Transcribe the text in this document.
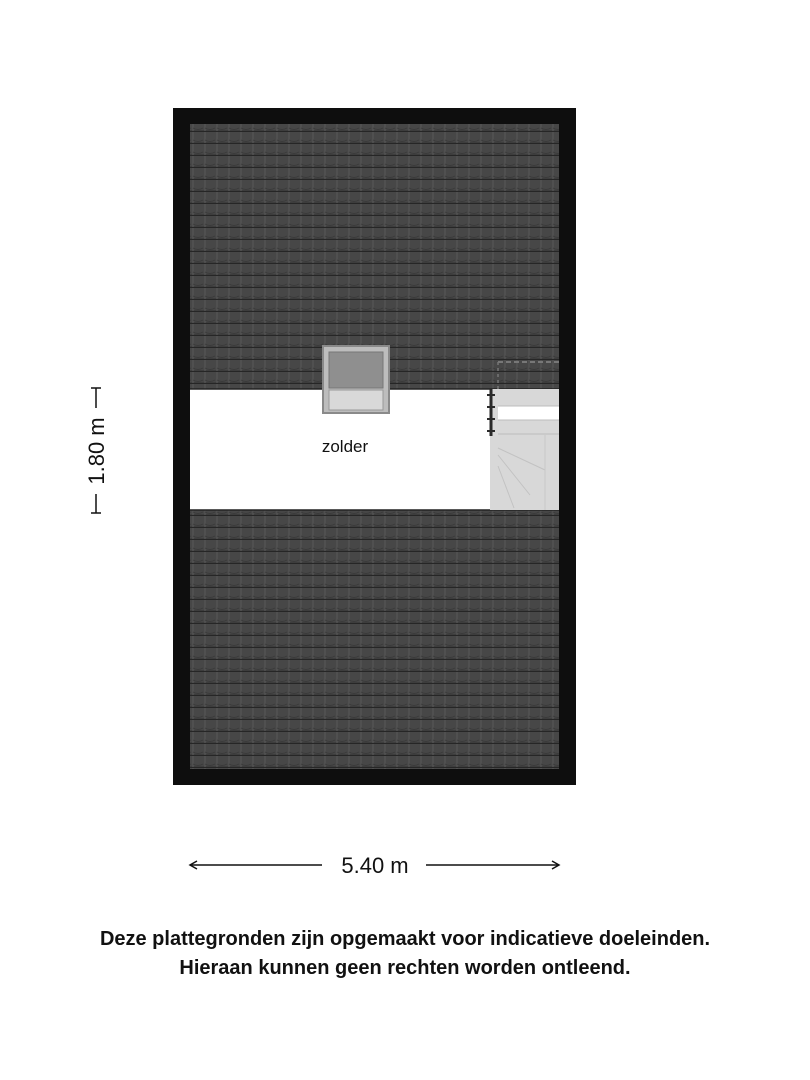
zolder
1.80 m
5.40 m
Deze plattegronden zijn opgemaakt voor indicatieve doeleinden.
Hieraan kunnen geen rechten worden ontleend.
